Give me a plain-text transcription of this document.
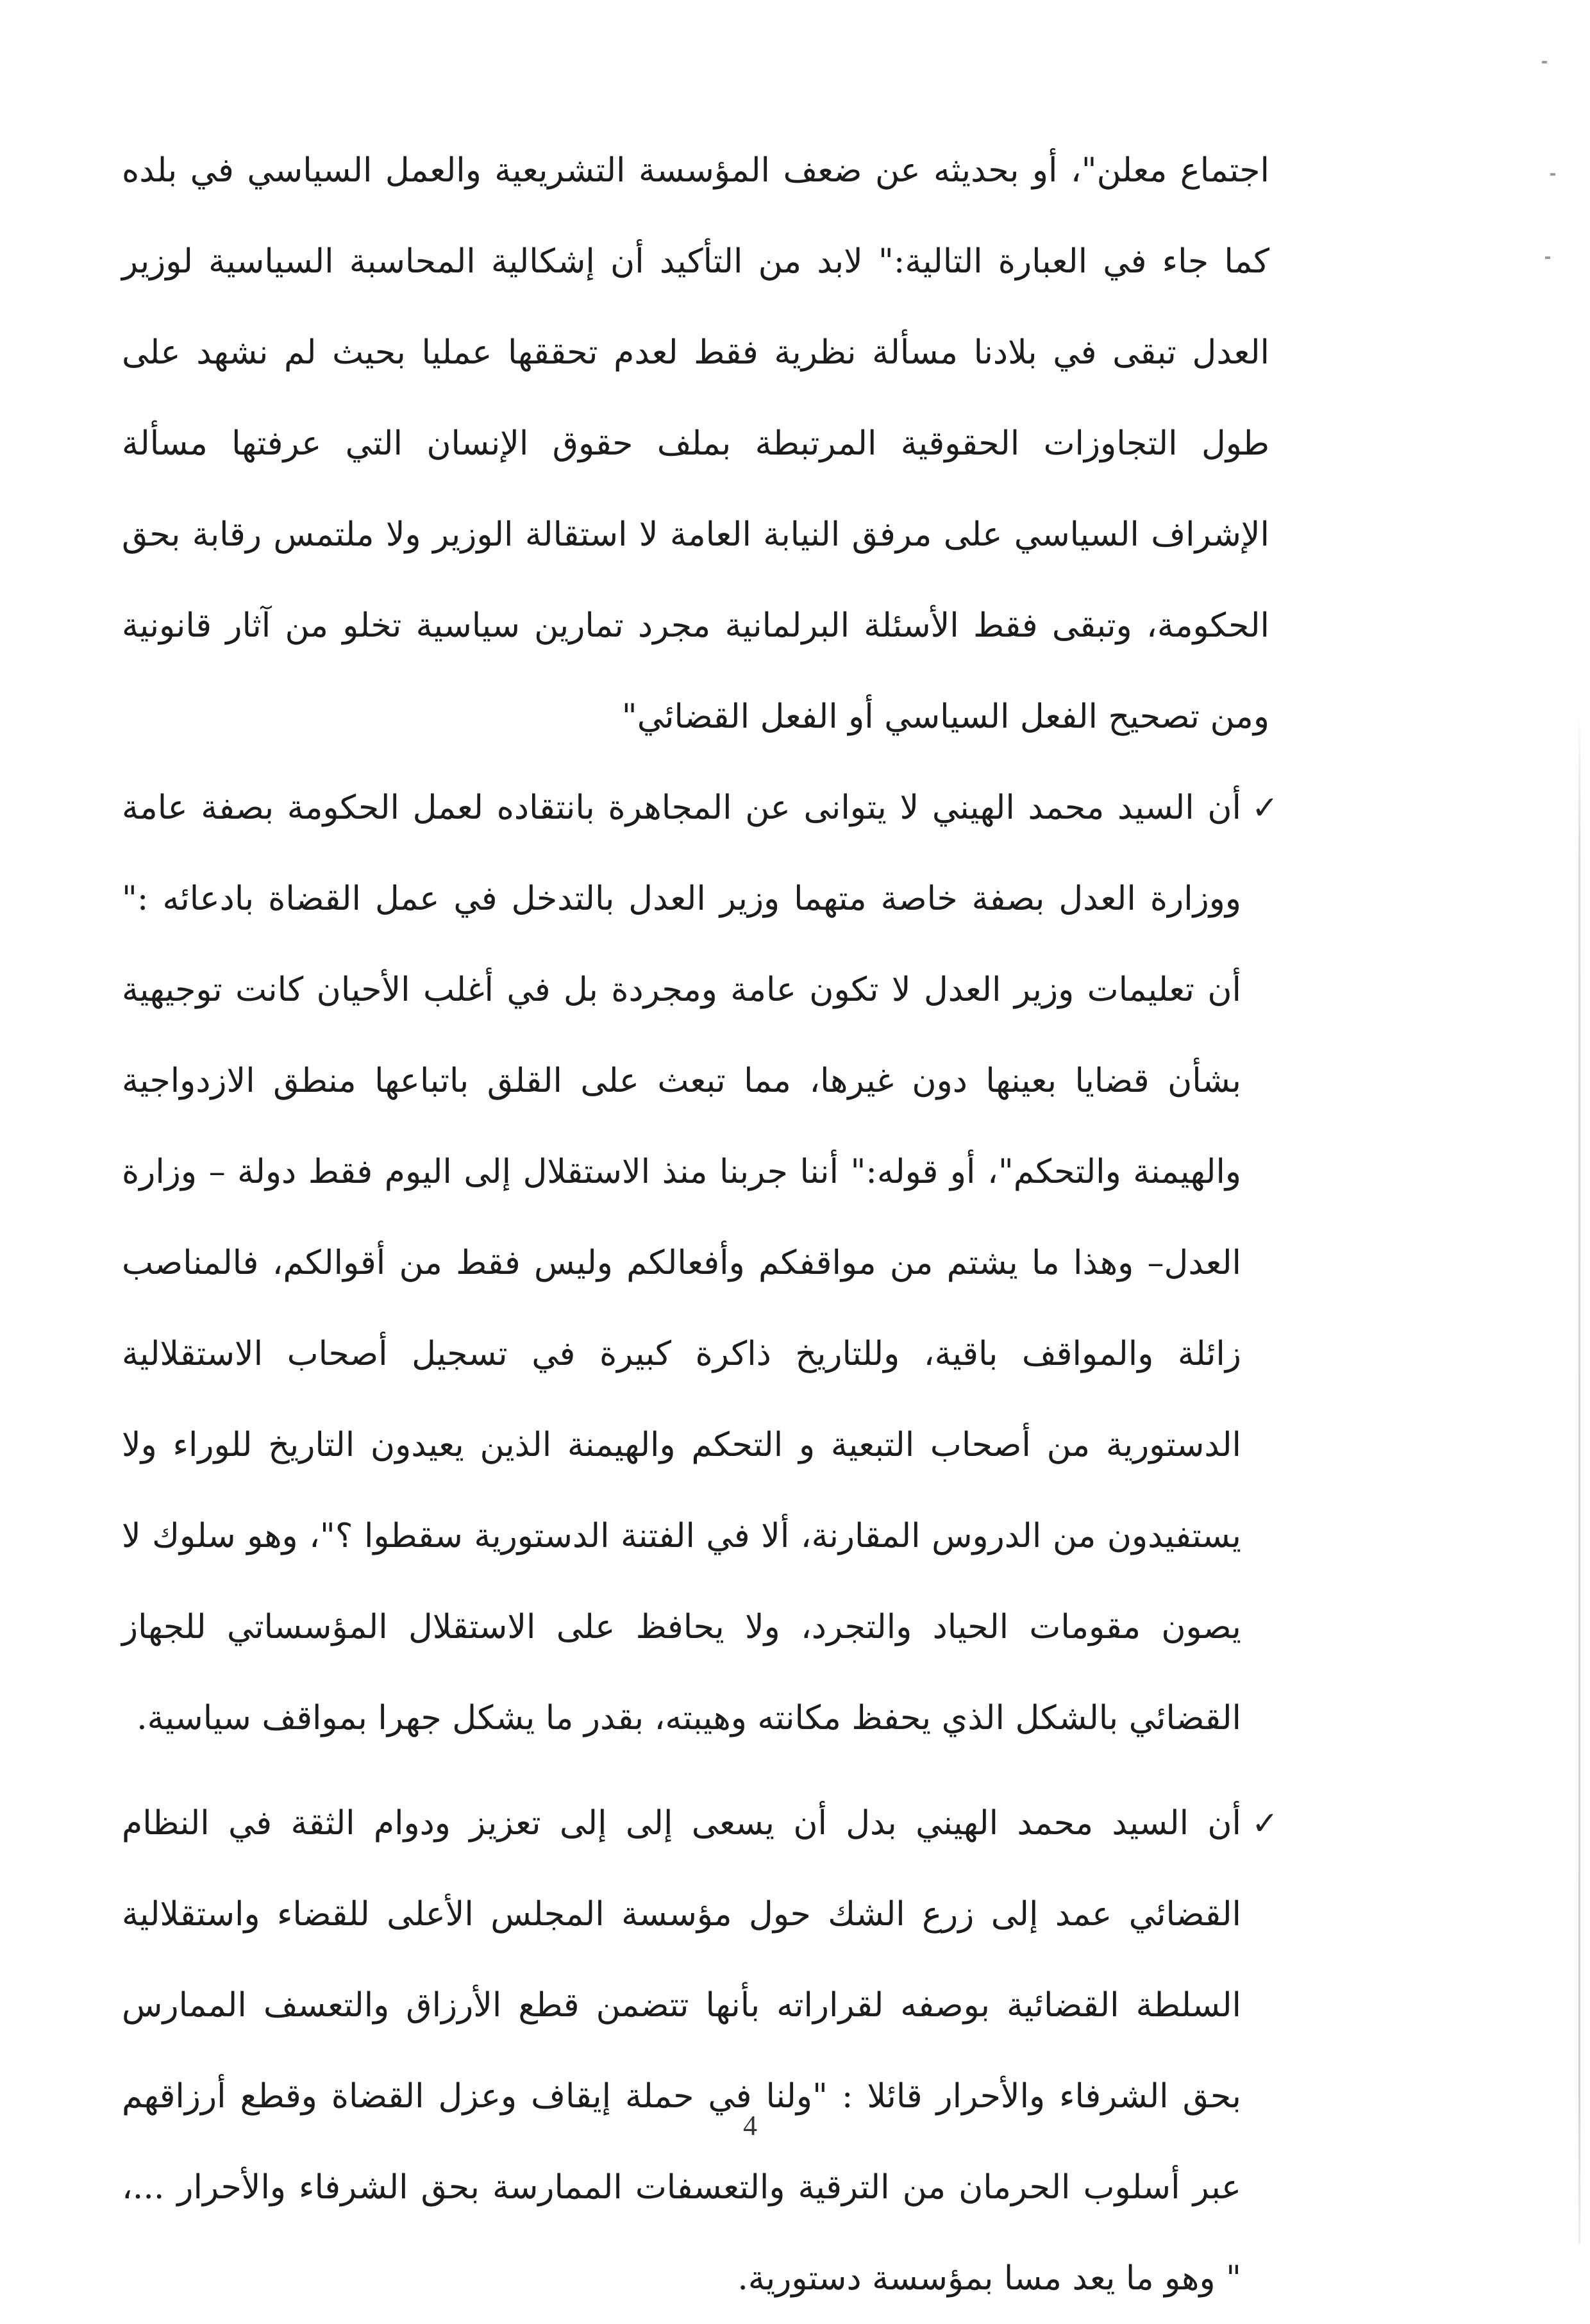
اجتماع معلن"، أو بحديثه عن ضعف المؤسسة التشريعية والعمل السياسي في بلده كما جاء في العبارة التالية:" لابد من التأكيد أن إشكالية المحاسبة السياسية لوزير العدل تبقى في بلادنا مسألة نظرية فقط لعدم تحققها عمليا بحيث لم نشهد على طول التجاوزات الحقوقية المرتبطة بملف حقوق الإنسان التي عرفتها مسألة الإشراف السياسي على مرفق النيابة العامة لا استقالة الوزير ولا ملتمس رقابة بحق الحكومة، وتبقى فقط الأسئلة البرلمانية مجرد تمارين سياسية تخلو من آثار قانونية ومن تصحيح الفعل السياسي أو الفعل القضائي"

✓
أن السيد محمد الهيني لا يتوانى عن المجاهرة بانتقاده لعمل الحكومة بصفة عامة ووزارة العدل بصفة خاصة متهما وزير العدل بالتدخل في عمل القضاة بادعائه :" أن تعليمات وزير العدل لا تكون عامة ومجردة بل في أغلب الأحيان كانت توجيهية بشأن قضايا بعينها دون غيرها، مما تبعث على القلق باتباعها منطق الازدواجية والهيمنة والتحكم"، أو قوله:" أننا جربنا منذ الاستقلال إلى اليوم فقط دولة – وزارة العدل– وهذا ما يشتم من مواقفكم وأفعالكم وليس فقط من أقوالكم، فالمناصب زائلة والمواقف باقية، وللتاريخ ذاكرة كبيرة في تسجيل أصحاب الاستقلالية الدستورية من أصحاب التبعية و التحكم والهيمنة الذين يعيدون التاريخ للوراء ولا يستفيدون من الدروس المقارنة، ألا في الفتنة الدستورية سقطوا ؟"، وهو سلوك لا يصون مقومات الحياد والتجرد، ولا يحافظ على الاستقلال المؤسساتي للجهاز القضائي بالشكل الذي يحفظ مكانته وهيبته، بقدر ما يشكل جهرا بمواقف سياسية.
✓
أن السيد محمد الهيني بدل أن يسعى إلى إلى تعزيز ودوام الثقة في النظام القضائي عمد إلى زرع الشك حول مؤسسة المجلس الأعلى للقضاء واستقلالية السلطة القضائية بوصفه لقراراته بأنها تتضمن قطع الأرزاق والتعسف الممارس بحق الشرفاء والأحرار قائلا : "ولنا في حملة إيقاف وعزل القضاة وقطع أرزاقهم عبر أسلوب الحرمان من الترقية والتعسفات الممارسة بحق الشرفاء والأحرار ...، " وهو ما يعد مسا بمؤسسة دستورية.
4
